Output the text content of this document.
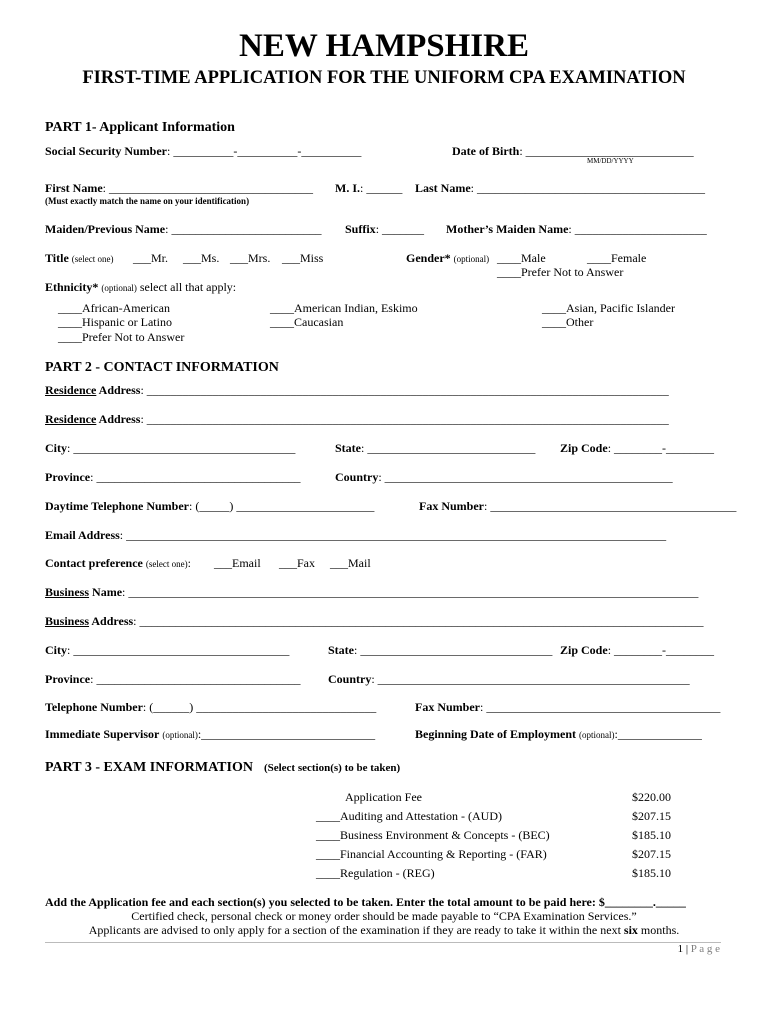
NEW HAMPSHIRE
FIRST-TIME APPLICATION FOR THE UNIFORM CPA EXAMINATION
PART 1- Applicant Information
Social Security Number: __________-__________-__________	Date of Birth: ____________________________
MM/DD/YYYY
First Name: __________________________________ M. I.: ______ Last Name: ______________________________________
(Must exactly match the name on your identification)
Maiden/Previous Name: _________________________ Suffix: _______ Mother’s Maiden Name: ______________________
Title (select one) ___Mr. ___Ms. ___Mrs. ___Miss	Gender* (optional) ____Male	____Female
____Prefer Not to Answer
Ethnicity* (optional) select all that apply:
____African-American	____American Indian, Eskimo	____Asian, Pacific Islander
____Hispanic or Latino	____Caucasian	____Other
____Prefer Not to Answer
PART 2 - CONTACT INFORMATION
Residence Address: _______________________________________________________________________________________
Residence Address: _______________________________________________________________________________________
City: _____________________________________	State: ____________________________ Zip Code: ________-________
Province: __________________________________	Country: ________________________________________________
Daytime Telephone Number: (_____) _______________________	Fax Number: _________________________________________
Email Address: __________________________________________________________________________________________
Contact preference (select one): ___Email ___Fax ___Mail
Business Name: _______________________________________________________________________________________________
Business Address: ______________________________________________________________________________________________
City: ____________________________________	State: ________________________________ Zip Code: ________-________
Province: __________________________________ Country: ____________________________________________________
Telephone Number: (______) ______________________________	Fax Number: _______________________________________
Immediate Supervisor (optional):_____________________________	Beginning Date of Employment (optional):______________
PART 3 - EXAM INFORMATION (Select section(s) to be taken)
Application Fee	$220.00
____Auditing and Attestation - (AUD)	$207.15
____Business Environment & Concepts - (BEC)	$185.10
____Financial Accounting & Reporting - (FAR)	$207.15
____Regulation - (REG)	$185.10
Add the Application fee and each section(s) you selected to be taken. Enter the total amount to be paid here: $________._____
Certified check, personal check or money order should be made payable to “CPA Examination Services.”
Applicants are advised to only apply for a section of the examination if they are ready to take it within the next six months.
1 | P a g e
